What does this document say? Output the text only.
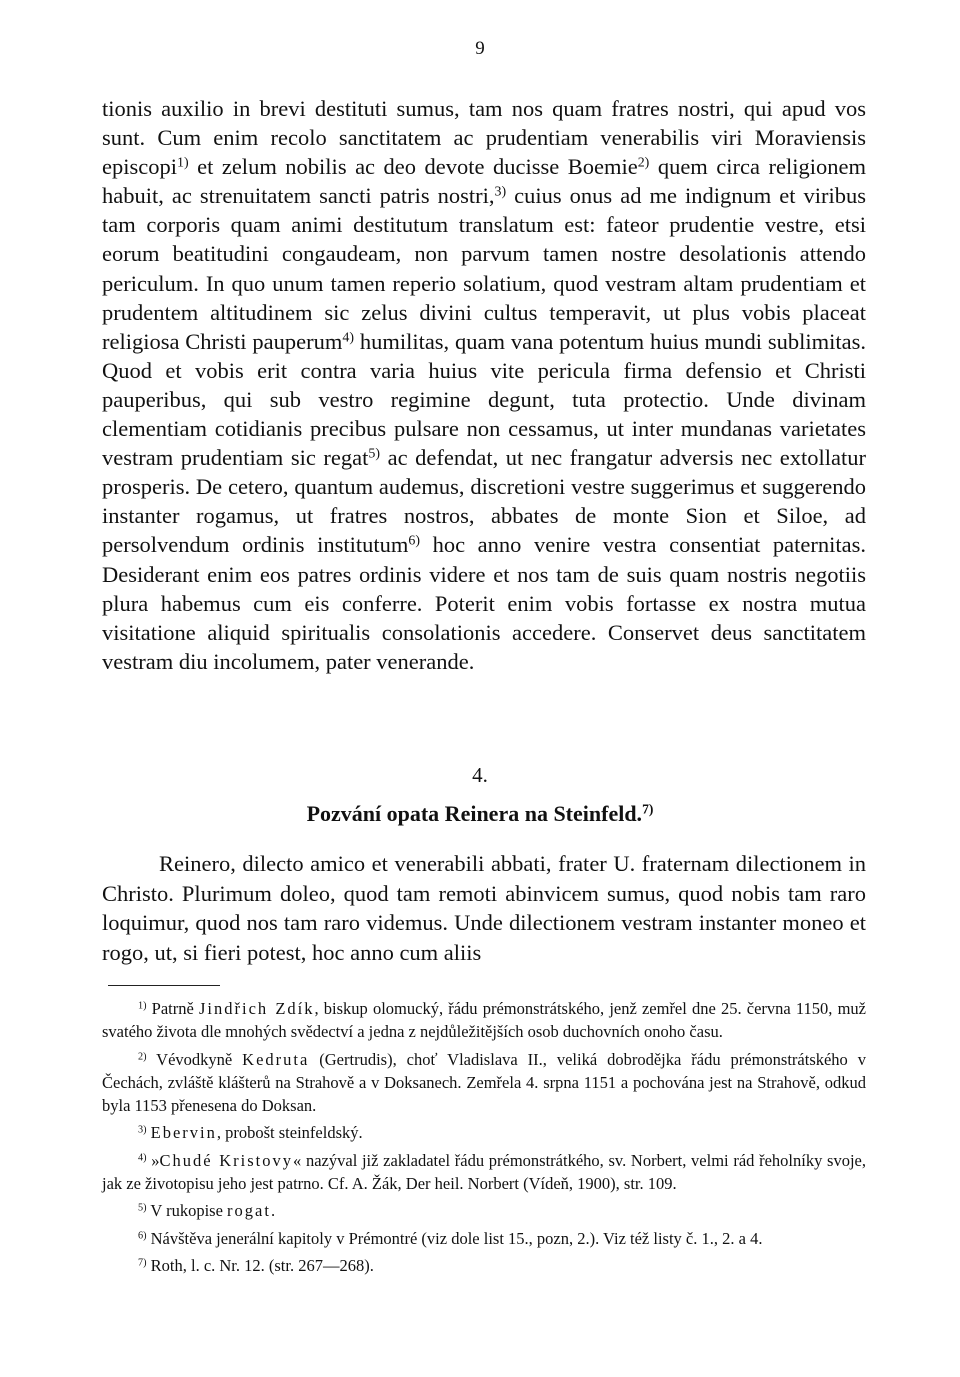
9

tionis auxilio in brevi destituti sumus, tam nos quam fratres nostri, qui apud vos sunt. Cum enim recolo sanctitatem ac prudentiam venerabilis viri Moraviensis episcopi$^{1)}$ et zelum nobilis ac deo devote ducisse Boemie$^{2)}$ quem circa religionem habuit, ac strenuitatem sancti patris nostri,$^{3)}$ cuius onus ad me indignum et viribus tam corporis quam animi destitutum translatum est: fateor prudentie vestre, etsi eorum beatitudini congaudeam, non parvum tamen nostre desolationis attendo periculum. In quo unum tamen reperio solatium, quod vestram altam prudentiam et prudentem altitudinem sic zelus divini cultus temperavit, ut plus vobis placeat religiosa Christi pauperum$^{4)}$ humilitas, quam vana potentum huius mundi sublimitas. Quod et vobis erit contra varia huius vite pericula firma defensio et Christi pauperibus, qui sub vestro regimine degunt, tuta protectio. Unde divinam clementiam cotidianis precibus pulsare non cessamus, ut inter mundanas varietates vestram prudentiam sic regat$^{5)}$ ac defendat, ut nec frangatur adversis nec extollatur prosperis. De cetero, quantum audemus, discretioni vestre suggerimus et suggerendo instanter rogamus, ut fratres nostros, abbates de monte Sion et Siloe, ad persolvendum ordinis institutum$^{6)}$ hoc anno venire vestra consentiat paternitas. Desiderant enim eos patres ordinis videre et nos tam de suis quam nostris negotiis plura habemus cum eis conferre. Poterit enim vobis fortasse ex nostra mutua visitatione aliquid spiritualis consolationis accedere. Conservet deus sanctitatem vestram diu incolumem, pater venerande.

4.

Pozvání opata Reinera na Steinfeld.$^{7)}$

Reinero, dilecto amico et venerabili abbati, frater U. fraternam dilectionem in Christo. Plurimum doleo, quod tam remoti abinvicem sumus, quod nobis tam raro loquimur, quod nos tam raro videmus. Unde dilectionem vestram instanter moneo et rogo, ut, si fieri potest, hoc anno cum aliis

$^{1)}$ Patrně Jindřich Zdík, biskup olomucký, řádu prémonstrátského, jenž zemřel dne 25. června 1150, muž svatého života dle mnohých svědectví a jedna z nejdůležitějších osob duchovních onoho času.

$^{2)}$ Vévodkyně Kedruta (Gertrudis), choť Vladislava II., veliká dobrodějka řádu prémonstrátského v Čechách, zvláště klášterů na Strahově a v Doksanech. Zemřela 4. srpna 1151 a pochována jest na Strahově, odkud byla 1153 přenesena do Doksan.

$^{3)}$ Ebervin, probošt steinfeldský.

$^{4)}$ »Chudé Kristovy« nazýval již zakladatel řádu prémonstrátkého, sv. Norbert, velmi rád řeholníky svoje, jak ze životopisu jeho jest patrno. Cf. A. Žák, Der heil. Norbert (Vídeň, 1900), str. 109.

$^{5)}$ V rukopise rogat.

$^{6)}$ Návštěva jenerální kapitoly v Prémontré (viz dole list 15., pozn, 2.). Viz též listy č. 1., 2. a 4.

$^{7)}$ Roth, l. c. Nr. 12. (str. 267—268).
